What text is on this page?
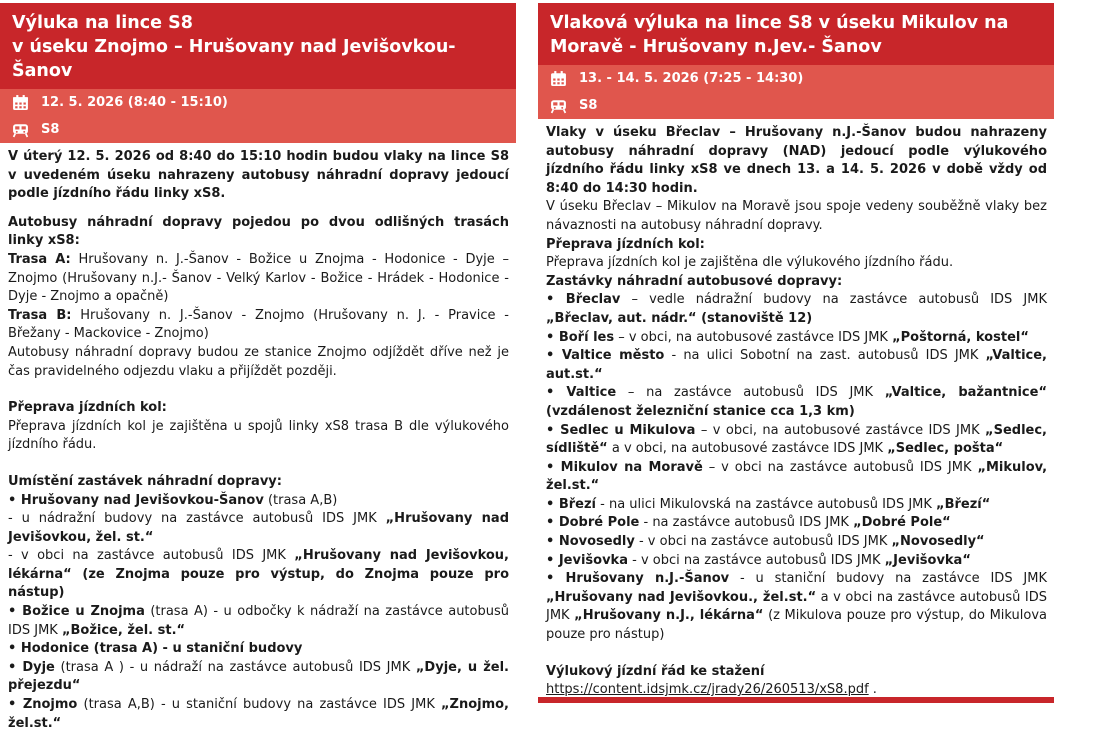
Výluka na lince S8
v úseku Znojmo – Hrušovany nad Jevišovkou-Šanov
12. 5. 2026 (8:40 - 15:10)
S8

V úterý 12. 5. 2026 od 8:40 do 15:10 hodin budou vlaky na lince S8 v uvedeném úseku nahrazeny autobusy náhradní dopravy jedoucí podle jízdního řádu linky xS8.

Autobusy náhradní dopravy pojedou po dvou odlišných trasách linky xS8:

Trasa A: Hrušovany n. J.-Šanov - Božice u Znojma - Hodonice - Dyje – Znojmo (Hrušovany n.J.- Šanov - Velký Karlov - Božice - Hrádek - Hodonice - Dyje - Znojmo a opačně)

Trasa B: Hrušovany n. J.-Šanov - Znojmo (Hrušovany n. J. - Pravice - Břežany - Mackovice - Znojmo)

Autobusy náhradní dopravy budou ze stanice Znojmo odjíždět dříve než je čas pravidelného odjezdu vlaku a přijíždět později.

Přeprava jízdních kol:

Přeprava jízdních kol je zajištěna u spojů linky xS8 trasa B dle výlukového jízdního řádu.

Umístění zastávek náhradní dopravy:

• Hrušovany nad Jevišovkou-Šanov (trasa A,B)

- u nádražní budovy na zastávce autobusů IDS JMK „Hrušovany nad Jevišovkou, žel. st.“

- v obci na zastávce autobusů IDS JMK „Hrušovany nad Jevišovkou, lékárna“ (ze Znojma pouze pro výstup, do Znojma pouze pro nástup)

• Božice u Znojma (trasa A) - u odbočky k nádraží na zastávce autobusů IDS JMK „Božice, žel. st.“

• Hodonice (trasa A) - u staniční budovy

• Dyje (trasa A ) - u nádraží na zastávce autobusů IDS JMK „Dyje, u žel. přejezdu“

• Znojmo (trasa A,B) - u staniční budovy na zastávce IDS JMK „Znojmo, žel.st.“

Vlaková výluka na lince S8 v úseku Mikulov na
Moravě - Hrušovany n.Jev.- Šanov
13. - 14. 5. 2026 (7:25 - 14:30)
S8

Vlaky v úseku Břeclav – Hrušovany n.J.-Šanov budou nahrazeny autobusy náhradní dopravy (NAD) jedoucí podle výlukového jízdního řádu linky xS8 ve dnech 13. a 14. 5. 2026 v době vždy od 8:40 do 14:30 hodin.

V úseku Břeclav – Mikulov na Moravě jsou spoje vedeny souběžně vlaky bez návaznosti na autobusy náhradní dopravy.

Přeprava jízdních kol:

Přeprava jízdních kol je zajištěna dle výlukového jízdního řádu.

Zastávky náhradní autobusové dopravy:

• Břeclav – vedle nádražní budovy na zastávce autobusů IDS JMK „Břeclav, aut. nádr.“ (stanoviště 12)

• Boří les – v obci, na autobusové zastávce IDS JMK „Poštorná, kostel“

• Valtice město - na ulici Sobotní na zast. autobusů IDS JMK „Valtice, aut.st.“

• Valtice – na zastávce autobusů IDS JMK „Valtice, bažantnice“ (vzdálenost železniční stanice cca 1,3 km)

• Sedlec u Mikulova – v obci, na autobusové zastávce IDS JMK „Sedlec, sídliště“ a v obci, na autobusové zastávce IDS JMK „Sedlec, pošta“

• Mikulov na Moravě – v obci na zastávce autobusů IDS JMK „Mikulov, žel.st.“

• Březí - na ulici Mikulovská na zastávce autobusů IDS JMK „Březí“

• Dobré Pole - na zastávce autobusů IDS JMK „Dobré Pole“

• Novosedly - v obci na zastávce autobusů IDS JMK „Novosedly“

• Jevišovka - v obci na zastávce autobusů IDS JMK „Jevišovka“

• Hrušovany n.J.-Šanov - u staniční budovy na zastávce IDS JMK „Hrušovany nad Jevišovkou., žel.st.“ a v obci na zastávce autobusů IDS JMK „Hrušovany n.J., lékárna“ (z Mikulova pouze pro výstup, do Mikulova pouze pro nástup)

Výlukový jízdní řád ke stažení

https://content.idsjmk.cz/jrady26/260513/xS8.pdf .
